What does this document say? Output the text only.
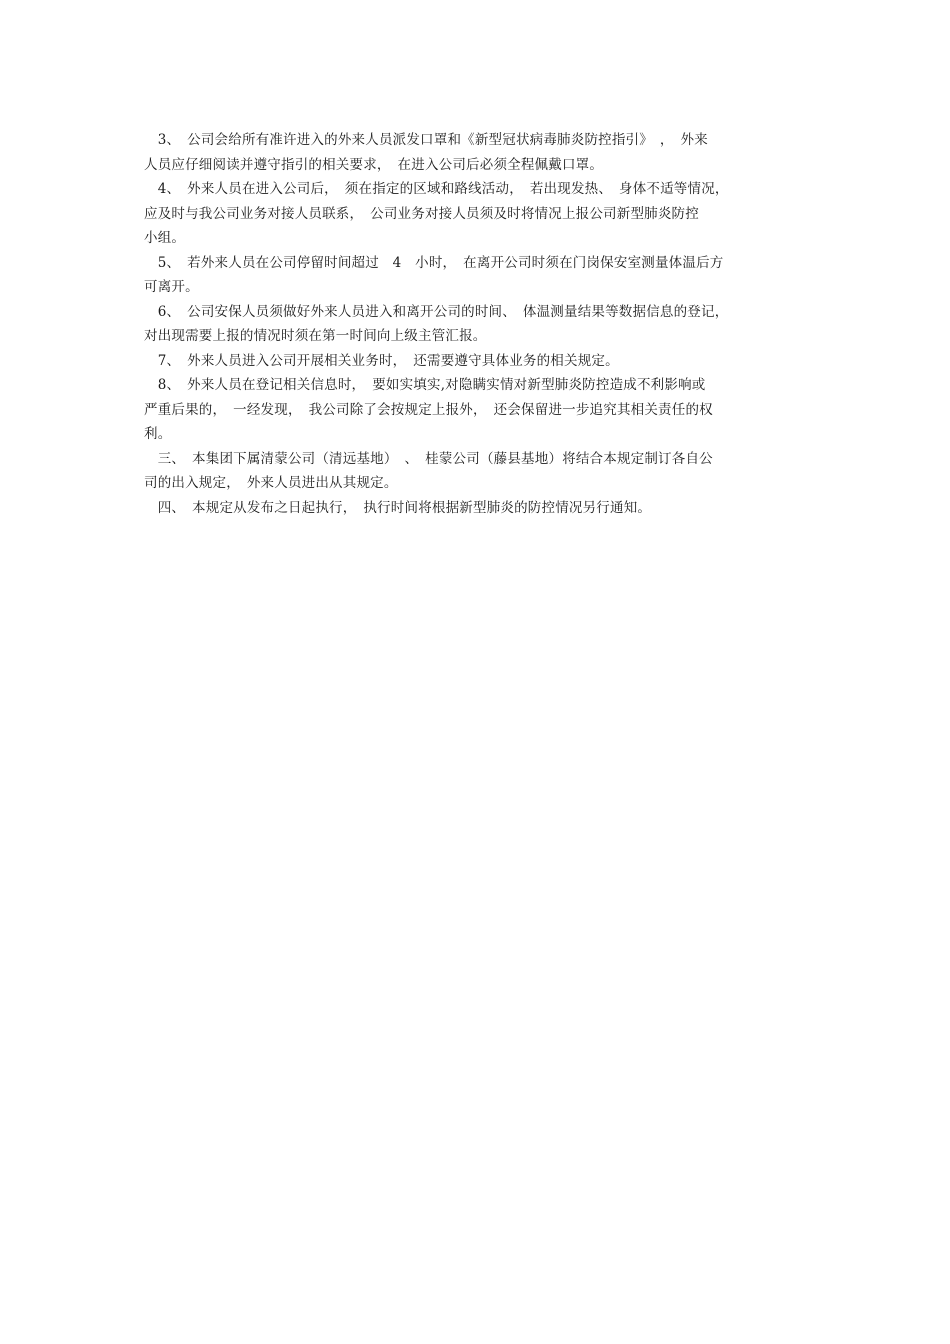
　3、　公司会给所有准许进入的外来人员派发口罩和《新型冠状病毒肺炎防控指引》　，　外来
人员应仔细阅读并遵守指引的相关要求，　在进入公司后必须全程佩戴口罩。
　4、　外来人员在进入公司后，　须在指定的区域和路线活动，　若出现发热、　身体不适等情况，
应及时与我公司业务对接人员联系，　公司业务对接人员须及时将情况上报公司新型肺炎防控
小组。
　5、　若外来人员在公司停留时间超过　4　小时，　在离开公司时须在门岗保安室测量体温后方
可离开。
　6、　公司安保人员须做好外来人员进入和离开公司的时间、　体温测量结果等数据信息的登记，
对出现需要上报的情况时须在第一时间向上级主管汇报。
　7、　外来人员进入公司开展相关业务时，　还需要遵守具体业务的相关规定。
　8、　外来人员在登记相关信息时，　要如实填实,对隐瞒实情对新型肺炎防控造成不利影响或
严重后果的，　一经发现，　我公司除了会按规定上报外，　还会保留进一步追究其相关责任的权
利。
　三、　本集团下属清蒙公司（清远基地）　、　桂蒙公司（藤县基地）将结合本规定制订各自公
司的出入规定，　外来人员进出从其规定。
　四、　本规定从发布之日起执行，　执行时间将根据新型肺炎的防控情况另行通知。
